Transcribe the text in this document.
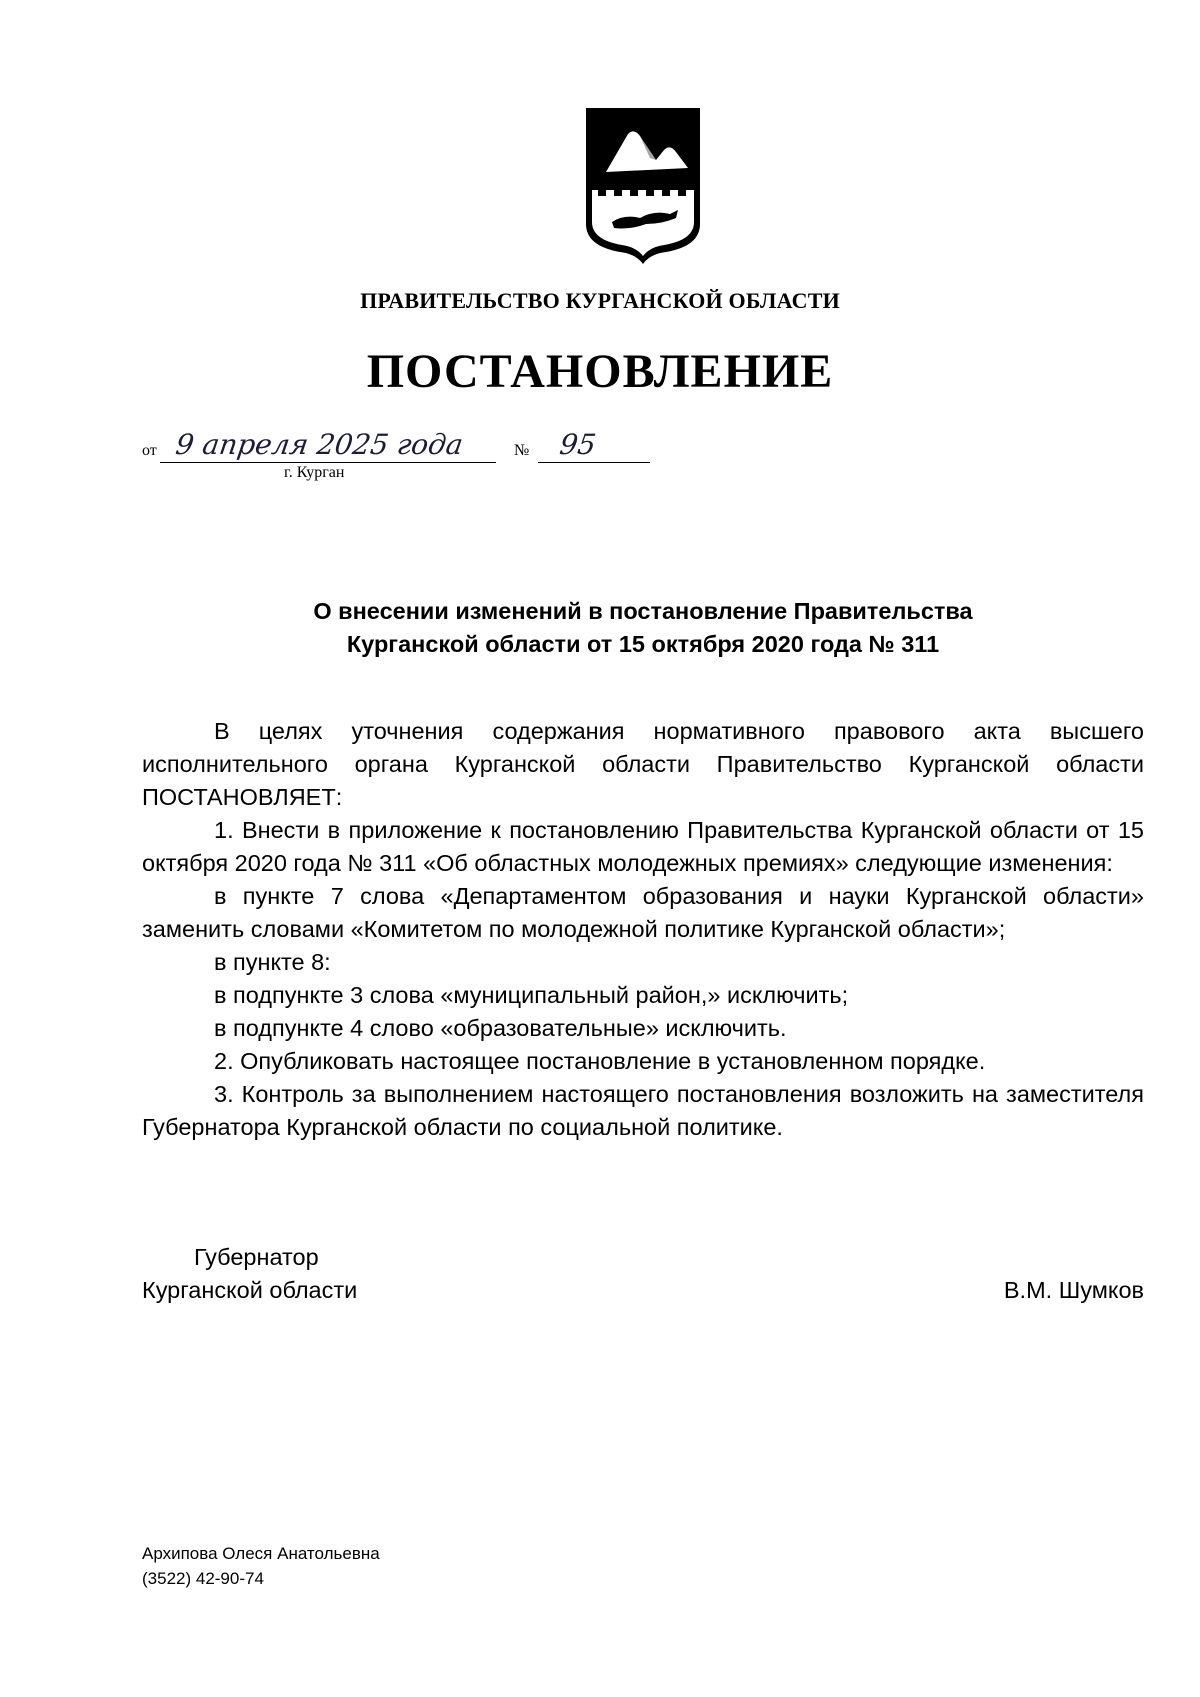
ПРАВИТЕЛЬСТВО КУРГАНСКОЙ ОБЛАСТИ
ПОСТАНОВЛЕНИЕ
от 9 апреля 2025 года	№ 95
г. Курган
О внесении изменений в постановление Правительства
Курганской области от 15 октября 2020 года № 311

В целях уточнения содержания нормативного правового акта высшего исполнительного органа Курганской области Правительство Курганской области ПОСТАНОВЛЯЕТ:

1. Внести в приложение к постановлению Правительства Курганской области от 15 октября 2020 года № 311 «Об областных молодежных премиях» следующие изменения:

в пункте 7 слова «Департаментом образования и науки Курганской области» заменить словами «Комитетом по молодежной политике Курганской области»;

в пункте 8:

в подпункте 3 слова «муниципальный район,» исключить;

в подпункте 4 слово «образовательные» исключить.

2. Опубликовать настоящее постановление в установленном порядке.

3. Контроль за выполнением настоящего постановления возложить на заместителя Губернатора Курганской области по социальной политике.

Губернатор
Курганской области	В.М. Шумков
Архипова Олеся Анатольевна
(3522) 42-90-74
